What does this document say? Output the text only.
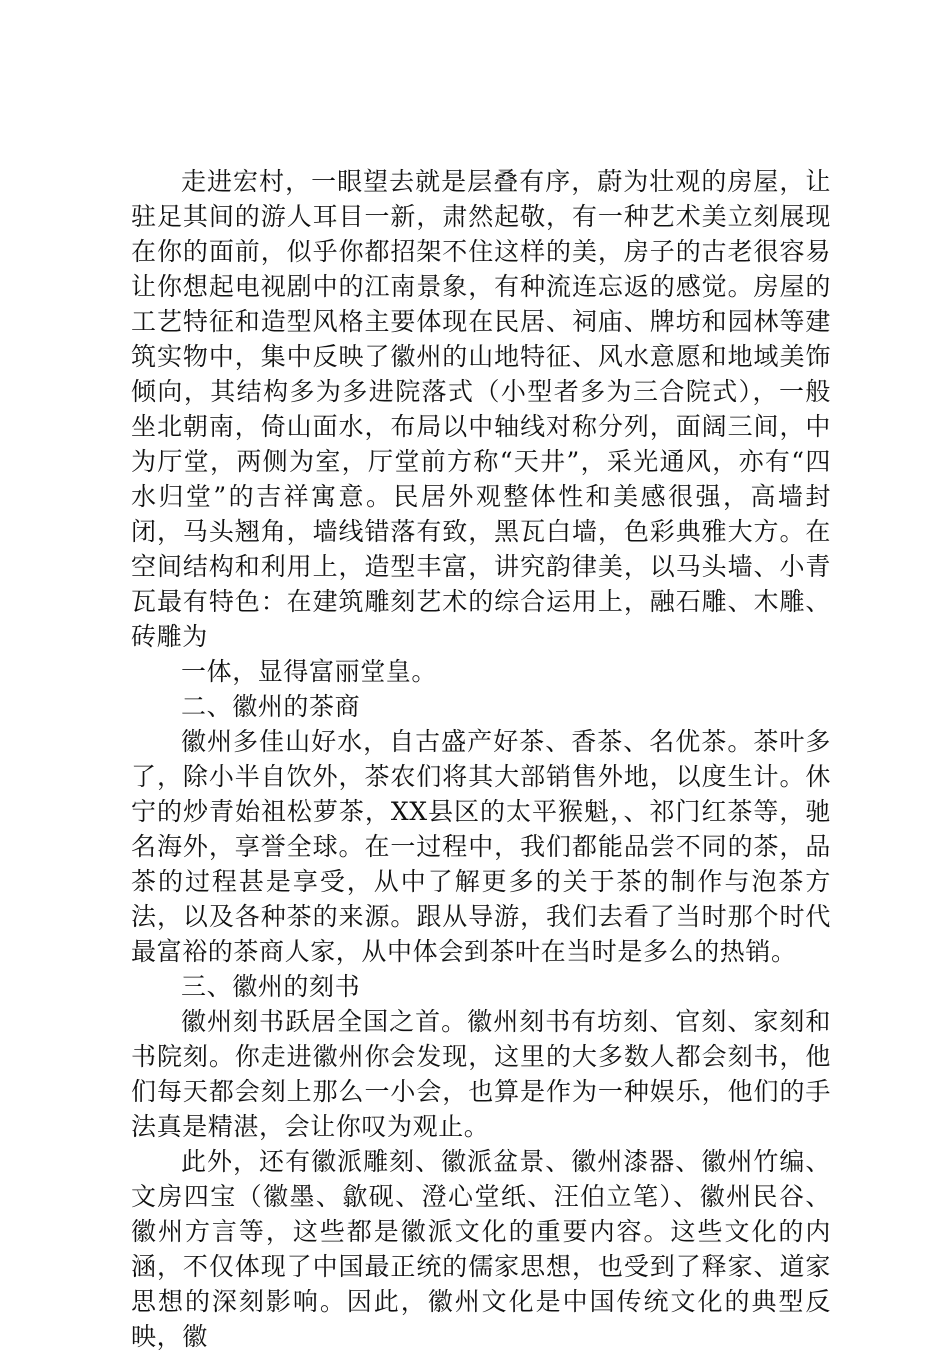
走进宏村，一眼望去就是层叠有序，蔚为壮观的房屋，让驻足其间的游人耳目一新，肃然起敬，有一种艺术美立刻展现在你的面前，似乎你都招架不住这样的美，房子的古老很容易让你想起电视剧中的江南景象，有种流连忘返的感觉。房屋的工艺特征和造型风格主要体现在民居、祠庙、牌坊和园林等建筑实物中，集中反映了徽州的山地特征、风水意愿和地域美饰倾向，其结构多为多进院落式（小型者多为三合院式），一般坐北朝南，倚山面水，布局以中轴线对称分列，面阔三间，中为厅堂，两侧为室，厅堂前方称“天井”，采光通风，亦有“四水归堂”的吉祥寓意。民居外观整体性和美感很强，高墙封闭，马头翘角，墙线错落有致，黑瓦白墙，色彩典雅大方。在空间结构和利用上，造型丰富，讲究韵律美，以马头墙、小青瓦最有特色：在建筑雕刻艺术的综合运用上，融石雕、木雕、砖雕为

一体，显得富丽堂皇。

二、徽州的茶商

徽州多佳山好水，自古盛产好茶、香茶、名优茶。茶叶多了，除小半自饮外，茶农们将其大部销售外地，以度生计。休宁的炒青始祖松萝茶，XX县区的太平猴魁，、祁门红茶等，驰名海外，享誉全球。在一过程中，我们都能品尝不同的茶，品茶的过程甚是享受，从中了解更多的关于茶的制作与泡茶方法，以及各种茶的来源。跟从导游，我们去看了当时那个时代最富裕的茶商人家，从中体会到茶叶在当时是多么的热销。

三、徽州的刻书

徽州刻书跃居全国之首。徽州刻书有坊刻、官刻、家刻和书院刻。你走进徽州你会发现，这里的大多数人都会刻书，他们每天都会刻上那么一小会，也算是作为一种娱乐，他们的手法真是精湛，会让你叹为观止。

此外，还有徽派雕刻、徽派盆景、徽州漆器、徽州竹编、文房四宝（徽墨、歙砚、澄心堂纸、汪伯立笔）、徽州民谷、徽州方言等，这些都是徽派文化的重要内容。这些文化的内涵，不仅体现了中国最正统的儒家思想，也受到了释家、道家思想的深刻影响。因此，徽州文化是中国传统文化的典型反映，徽
